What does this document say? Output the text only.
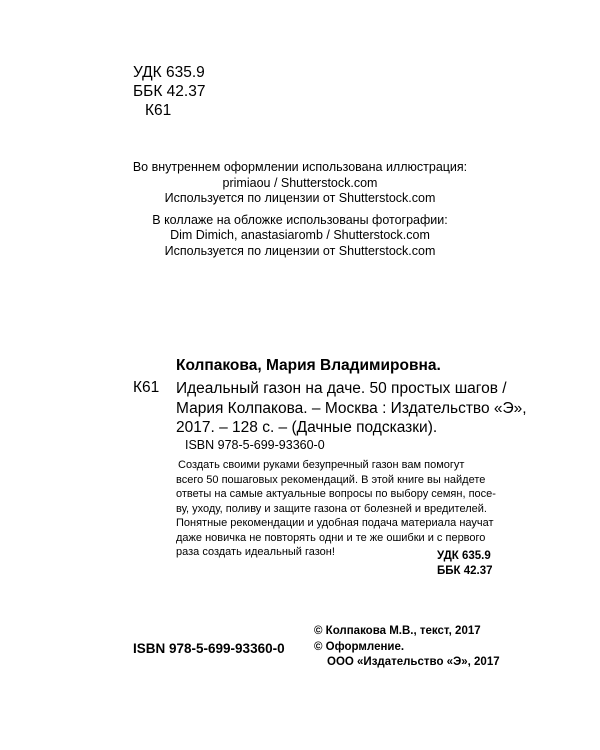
УДК 635.9
ББК 42.37
К61
Во внутреннем оформлении использована иллюстрация:
primiaou / Shutterstock.com
Используется по лицензии от Shutterstock.com
В коллаже на обложке использованы фотографии:
Dim Dimich, anastasiaromb / Shutterstock.com
Используется по лицензии от Shutterstock.com
Колпакова, Мария Владимировна.
К61 Идеальный газон на даче. 50 простых шагов /
Мария Колпакова. – Москва : Издательство «Э»,
2017. – 128 с. – (Дачные подсказки).
ISBN 978-5-699-93360-0
Создать своими руками безупречный газон вам помогут
всего 50 пошаговых рекомендаций. В этой книге вы найдете
ответы на самые актуальные вопросы по выбору семян, посе-
ву, уходу, поливу и защите газона от болезней и вредителей.
Понятные рекомендации и удобная подача материала научат
даже новичка не повторять одни и те же ошибки и с первого
раза создать идеальный газон!	УДК 635.9
ББК 42.37
© Колпакова М.В., текст, 2017
© Оформление.
ООО «Издательство «Э», 2017
ISBN 978-5-699-93360-0
